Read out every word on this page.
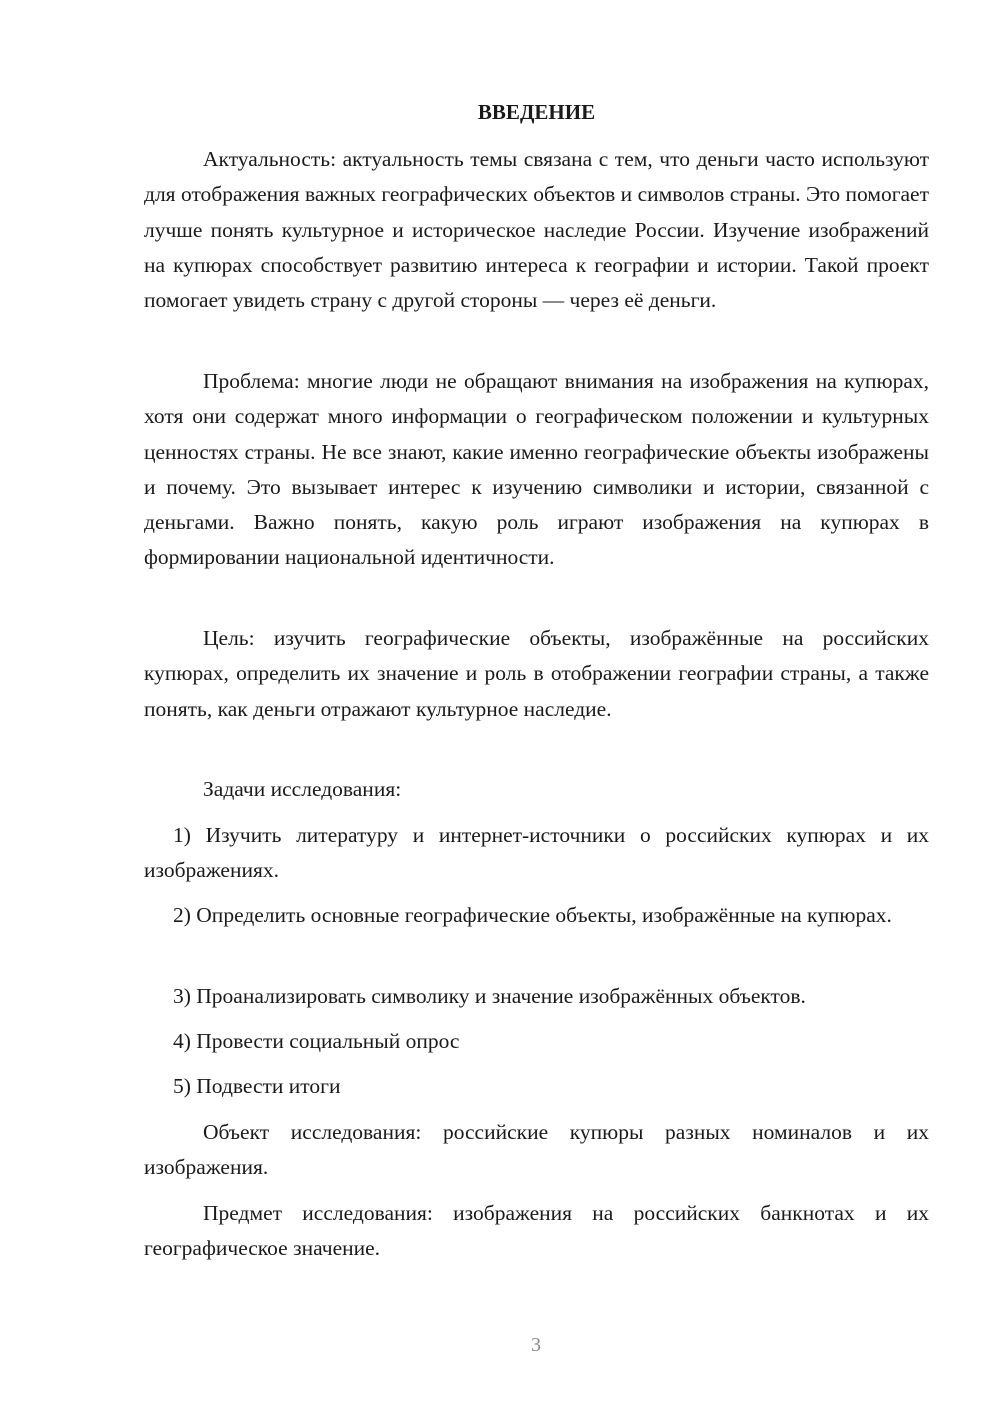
ВВЕДЕНИЕ

Актуальность: актуальность темы связана с тем, что деньги часто используют для отображения важных географических объектов и символов страны. Это помогает лучше понять культурное и историческое наследие России. Изучение изображений на купюрах способствует развитию интереса к географии и истории. Такой проект помогает увидеть страну с другой стороны — через её деньги.

Проблема: многие люди не обращают внимания на изображения на купюрах, хотя они содержат много информации о географическом положении и культурных ценностях страны. Не все знают, какие именно географические объекты изображены и почему. Это вызывает интерес к изучению символики и истории, связанной с деньгами. Важно понять, какую роль играют изображения на купюрах в формировании национальной идентичности.

Цель: изучить географические объекты, изображённые на российских купюрах, определить их значение и роль в отображении географии страны, а также понять, как деньги отражают культурное наследие.

Задачи исследования:

1) Изучить литературу и интернет-источники о российских купюрах и их изображениях.

2) Определить основные географические объекты, изображённые на купюрах.

3) Проанализировать символику и значение изображённых объектов.

4) Провести социальный опрос

5) Подвести итоги

Объект исследования: российские купюры разных номиналов и их изображения.

Предмет исследования: изображения на российских банкнотах и их географическое значение.

3
